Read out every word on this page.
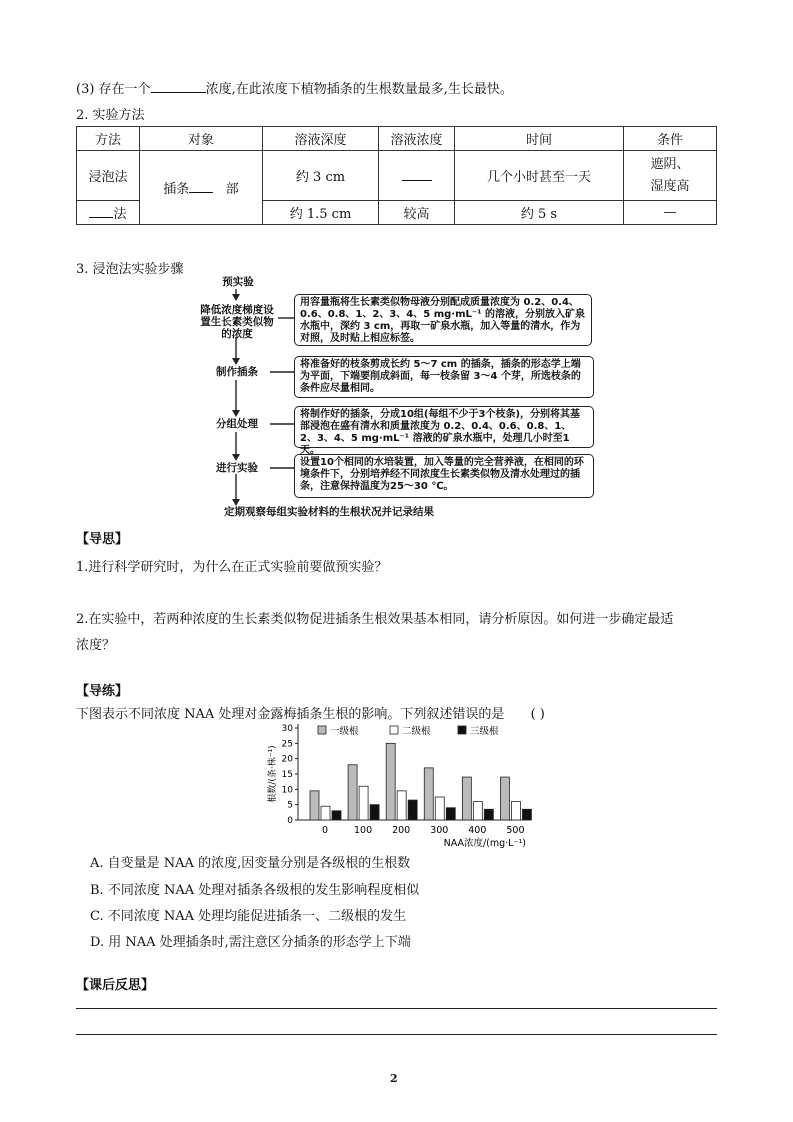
(3) 存在一个	浓度,在此浓度下植物插条的生根数量最多,生长最快。
2. 实验方法
方法	对象	溶液深度	溶液浓度	时间	条件
浸泡法	插条 部	约 3 cm		几个小时甚至一天	遮阴、
湿度高

法		约 1.5 cm	较高	约 5 s	—
3. 浸泡法实验步骤
预实验
降低浓度梯度设置生长素类似物的浓度
用容量瓶将生长素类似物母液分别配成质量浓度为 0.2、0.4、0.6、0.8、1、2、3、4、5 mg·mL⁻¹ 的溶液，分别放入矿泉水瓶中，深约 3 cm，再取一矿泉水瓶，加入等量的清水，作为对照，及时贴上相应标签。
制作插条
将准备好的枝条剪成长约 5～7 cm 的插条，插条的形态学上端为平面，下端要削成斜面，每一枝条留 3～4 个芽，所选枝条的条件应尽量相同。
分组处理
将制作好的插条，分成10组(每组不少于3个枝条)，分别将其基部浸泡在盛有清水和质量浓度为 0.2、0.4、0.6、0.8、1、2、3、4、5 mg·mL⁻¹ 溶液的矿泉水瓶中，处理几小时至1天。
进行实验	设置10个相同的水培装置，加入等量的完全营养液，在相同的环境条件下，分别培养经不同浓度生长素类似物及清水处理过的插条，注意保持温度为25～30 ℃。
定期观察每组实验材料的生根状况并记录结果
【导思】
1.进行科学研究时，为什么在正式实验前要做预实验？
2.在实验中，若两种浓度的生长素类似物促进插条生根效果基本相同，请分析原因。如何进一步确定最适
浓度？
【导练】
下图表示不同浓度 NAA 处理对金露梅插条生根的影响。下列叙述错误的是 ( )
0
5
10
15
20
25
30
根数/(条·株⁻¹)
0	100 200 300 400 500
NAA浓度/(mg·L⁻¹)
一级根	二级根	三级根
A. 自变量是 NAA 的浓度,因变量分别是各级根的生根数
B. 不同浓度 NAA 处理对插条各级根的发生影响程度相似
C. 不同浓度 NAA 处理均能促进插条一、二级根的发生
D. 用 NAA 处理插条时,需注意区分插条的形态学上下端
【课后反思】
2
